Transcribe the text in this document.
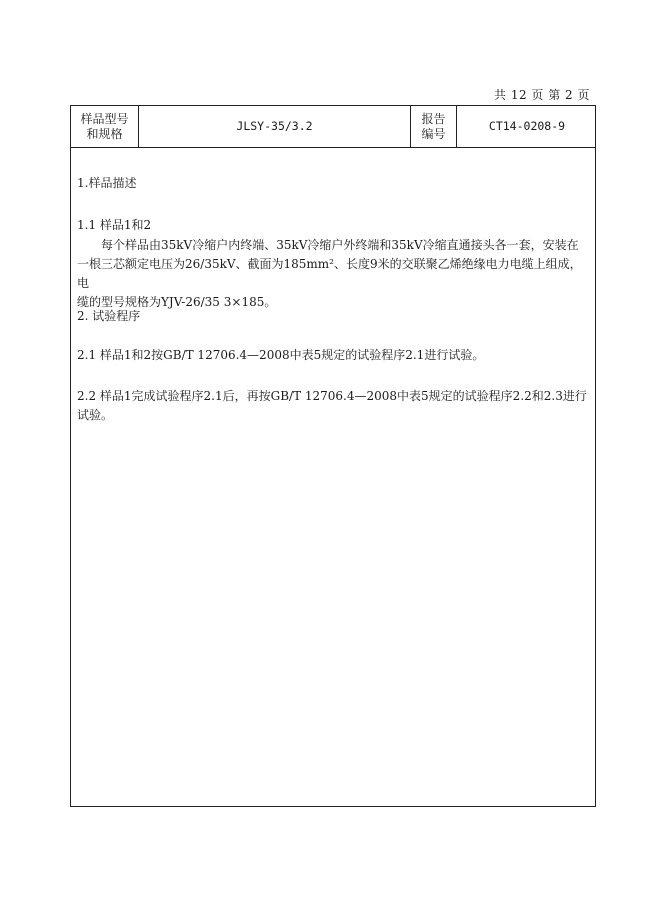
共 12 页 第 2 页
样品型号
和规格
JLSY-35/3.2
报告
编号
CT14-0208-9
1.样品描述
1.1 样品1和2
每个样品由35kV冷缩户内终端、35kV冷缩户外终端和35kV冷缩直通接头各一套，安装在
一根三芯额定电压为26/35kV、截面为185mm²、长度9米的交联聚乙烯绝缘电力电缆上组成，电
缆的型号规格为YJV-26/35 3×185。
2. 试验程序
2.1 样品1和2按GB/T 12706.4—2008中表5规定的试验程序2.1进行试验。
2.2 样品1完成试验程序2.1后，再按GB/T 12706.4—2008中表5规定的试验程序2.2和2.3进行
试验。
